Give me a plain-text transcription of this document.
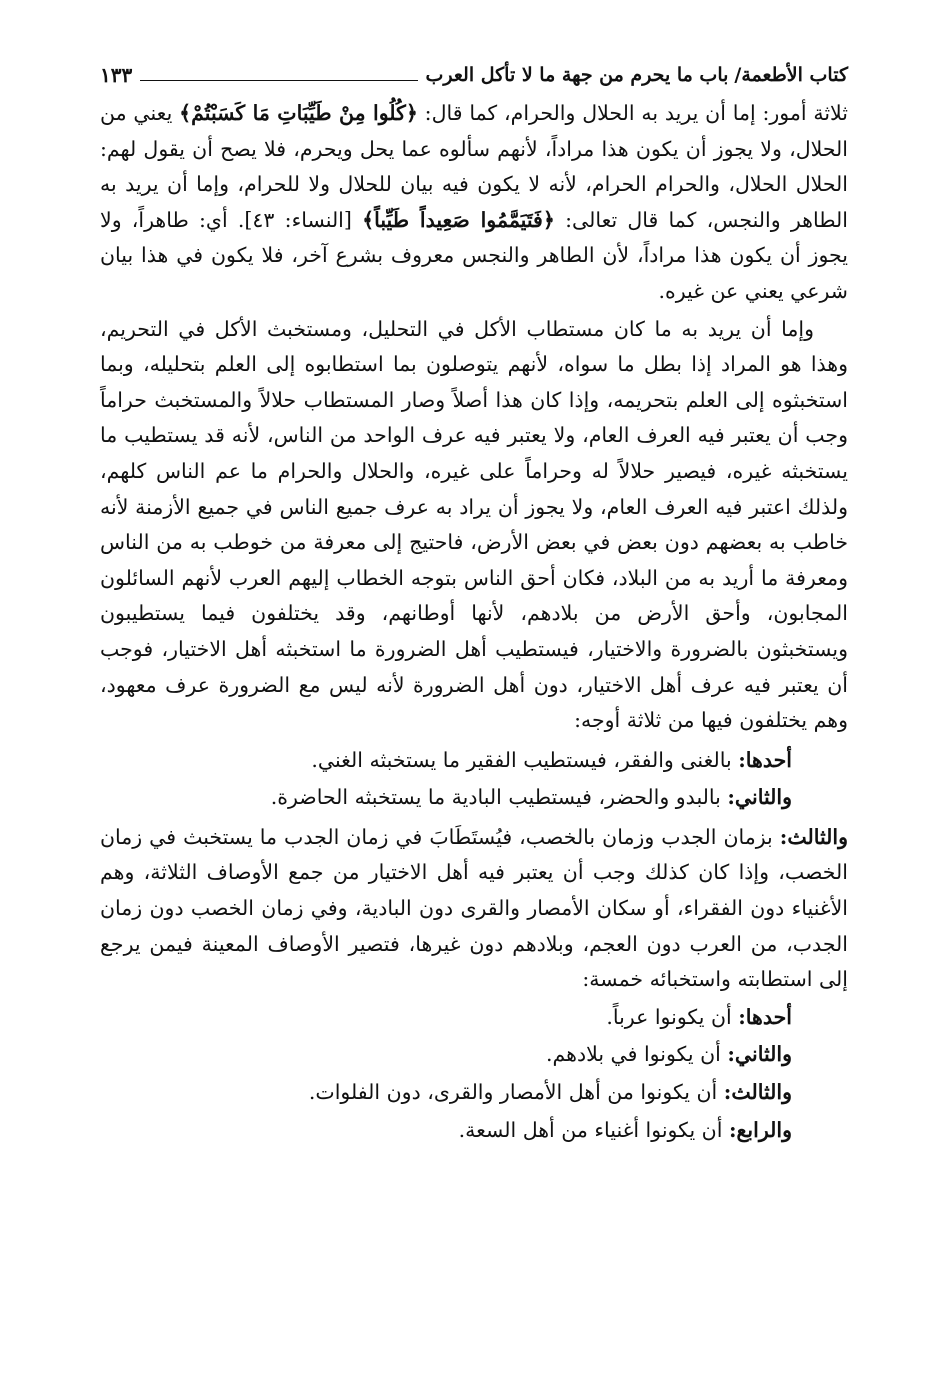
كتاب الأطعمة/
باب ما يحرم من جهة ما لا تأكل العرب
١٣٣

ثلاثة أمور: إما أن يريد به الحلال والحرام، كما قال: ﴿كُلُوا مِنْ طَيِّبَاتِ مَا كَسَبْتُمْ﴾ يعني من الحلال، ولا يجوز أن يكون هذا مراداً، لأنهم سألوه عما يحل ويحرم، فلا يصح أن يقول لهم: الحلال الحلال، والحرام الحرام، لأنه لا يكون فيه بيان للحلال ولا للحرام، وإما أن يريد به الطاهر والنجس، كما قال تعالى: ﴿فَتَيَمَّمُوا صَعِيداً طَيِّباً﴾ [النساء: ٤٣]. أي: طاهراً، ولا يجوز أن يكون هذا مراداً، لأن الطاهر والنجس معروف بشرع آخر، فلا يكون في هذا بيان شرعي يعني عن غيره.

وإما أن يريد به ما كان مستطاب الأكل في التحليل، ومستخبث الأكل في التحريم، وهذا هو المراد إذا بطل ما سواه، لأنهم يتوصلون بما استطابوه إلى العلم بتحليله، وبما استخبثوه إلى العلم بتحريمه، وإذا كان هذا أصلاً وصار المستطاب حلالاً والمستخبث حراماً وجب أن يعتبر فيه العرف العام، ولا يعتبر فيه عرف الواحد من الناس، لأنه قد يستطيب ما يستخبثه غيره، فيصير حلالاً له وحراماً على غيره، والحلال والحرام ما عم الناس كلهم، ولذلك اعتبر فيه العرف العام، ولا يجوز أن يراد به عرف جميع الناس في جميع الأزمنة لأنه خاطب به بعضهم دون بعض في بعض الأرض، فاحتيج إلى معرفة من خوطب به من الناس ومعرفة ما أريد به من البلاد، فكان أحق الناس بتوجه الخطاب إليهم العرب لأنهم السائلون المجابون، وأحق الأرض من بلادهم، لأنها أوطانهم، وقد يختلفون فيما يستطيبون ويستخبثون بالضرورة والاختيار، فيستطيب أهل الضرورة ما استخبثه أهل الاختيار، فوجب أن يعتبر فيه عرف أهل الاختيار، دون أهل الضرورة لأنه ليس مع الضرورة عرف معهود، وهم يختلفون فيها من ثلاثة أوجه:

أحدها: بالغنى والفقر، فيستطيب الفقير ما يستخبثه الغني.

والثاني: بالبدو والحضر، فيستطيب البادية ما يستخبثه الحاضرة.

والثالث: بزمان الجدب وزمان بالخصب، فيُستَطَابَ في زمان الجدب ما يستخبث في زمان الخصب، وإذا كان كذلك وجب أن يعتبر فيه أهل الاختيار من جمع الأوصاف الثلاثة، وهم الأغنياء دون الفقراء، أو سكان الأمصار والقرى دون البادية، وفي زمان الخصب دون زمان الجدب، من العرب دون العجم، وبلادهم دون غيرها، فتصير الأوصاف المعينة فيمن يرجع إلى استطابته واستخبائه خمسة:

أحدها: أن يكونوا عرباً.

والثاني: أن يكونوا في بلادهم.

والثالث: أن يكونوا من أهل الأمصار والقرى، دون الفلوات.

والرابع: أن يكونوا أغنياء من أهل السعة.
